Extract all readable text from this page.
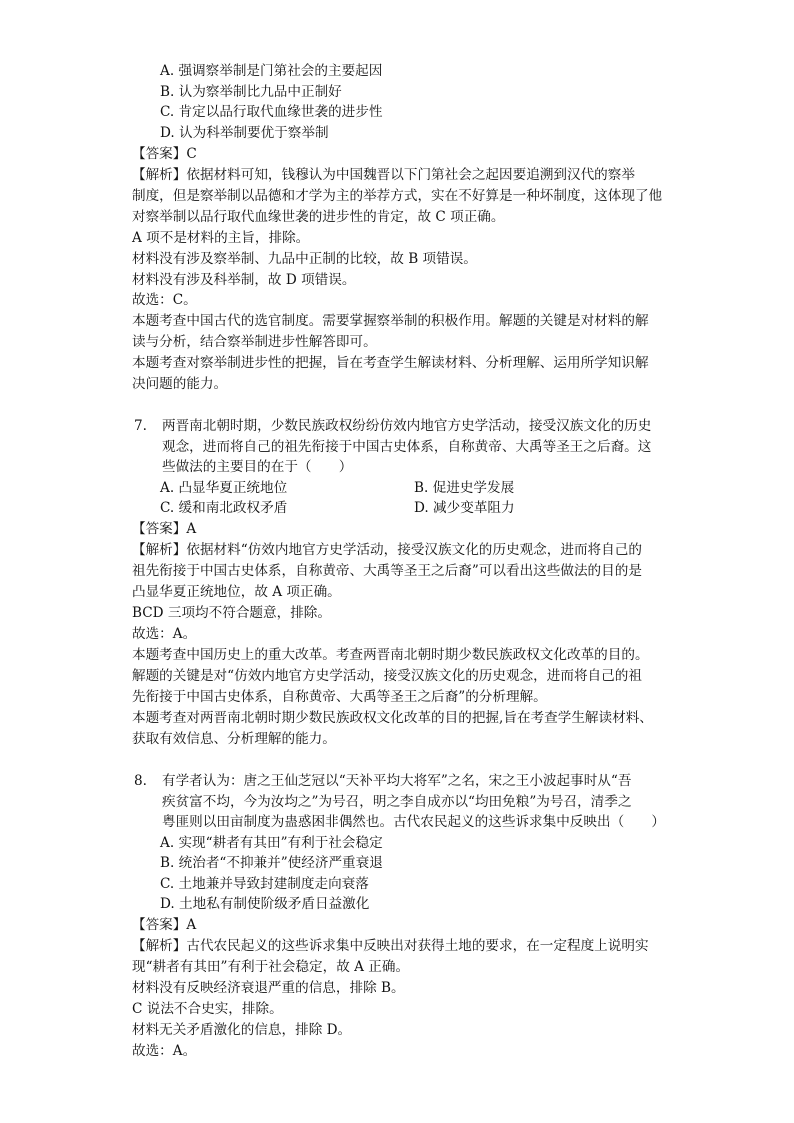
A. 强调察举制是门第社会的主要起因
B. 认为察举制比九品中正制好
C. 肯定以品行取代血缘世袭的进步性
D. 认为科举制要优于察举制
【答案】C
【解析】依据材料可知，钱穆认为中国魏晋以下门第社会之起因要追溯到汉代的察举
制度，但是察举制以品德和才学为主的举荐方式，实在不好算是一种坏制度，这体现了他
对察举制以品行取代血缘世袭的进步性的肯定，故 C 项正确。
A 项不是材料的主旨，排除。
材料没有涉及察举制、九品中正制的比较，故 B 项错误。
材料没有涉及科举制，故 D 项错误。
故选：C。
本题考查中国古代的选官制度。需要掌握察举制的积极作用。解题的关键是对材料的解
读与分析，结合察举制进步性解答即可。
本题考查对察举制进步性的把握，旨在考查学生解读材料、分析理解、运用所学知识解
决问题的能力。
7. 两晋南北朝时期，少数民族政权纷纷仿效内地官方史学活动，接受汉族文化的历史
观念，进而将自己的祖先衔接于中国古史体系，自称黄帝、大禹等圣王之后裔。这
些做法的主要目的在于（　　）
A. 凸显华夏正统地位	B. 促进史学发展
C. 缓和南北政权矛盾	D. 减少变革阻力
【答案】A
【解析】依据材料“仿效内地官方史学活动，接受汉族文化的历史观念，进而将自己的
祖先衔接于中国古史体系，自称黄帝、大禹等圣王之后裔”可以看出这些做法的目的是
凸显华夏正统地位，故 A 项正确。
BCD 三项均不符合题意，排除。
故选：A。
本题考查中国历史上的重大改革。考查两晋南北朝时期少数民族政权文化改革的目的。
解题的关键是对“仿效内地官方史学活动，接受汉族文化的历史观念，进而将自己的祖
先衔接于中国古史体系，自称黄帝、大禹等圣王之后裔”的分析理解。
本题考查对两晋南北朝时期少数民族政权文化改革的目的把握,旨在考查学生解读材料、
获取有效信息、分析理解的能力。
8. 有学者认为：唐之王仙芝冠以“天补平均大将军”之名，宋之王小波起事时从“吾
疾贫富不均，今为汝均之”为号召，明之李自成亦以“均田免粮”为号召，清季之
粤匪则以田亩制度为蛊惑困非偶然也。古代农民起义的这些诉求集中反映出（　　）
A. 实现“耕者有其田”有利于社会稳定
B. 统治者“不抑兼并”使经济严重衰退
C. 土地兼并导致封建制度走向衰落
D. 土地私有制使阶级矛盾日益激化
【答案】A
【解析】古代农民起义的这些诉求集中反映出对获得土地的要求，在一定程度上说明实
现“耕者有其田”有利于社会稳定，故 A 正确。
材料没有反映经济衰退严重的信息，排除 B。
C 说法不合史实，排除。
材料无关矛盾激化的信息，排除 D。
故选：A。
